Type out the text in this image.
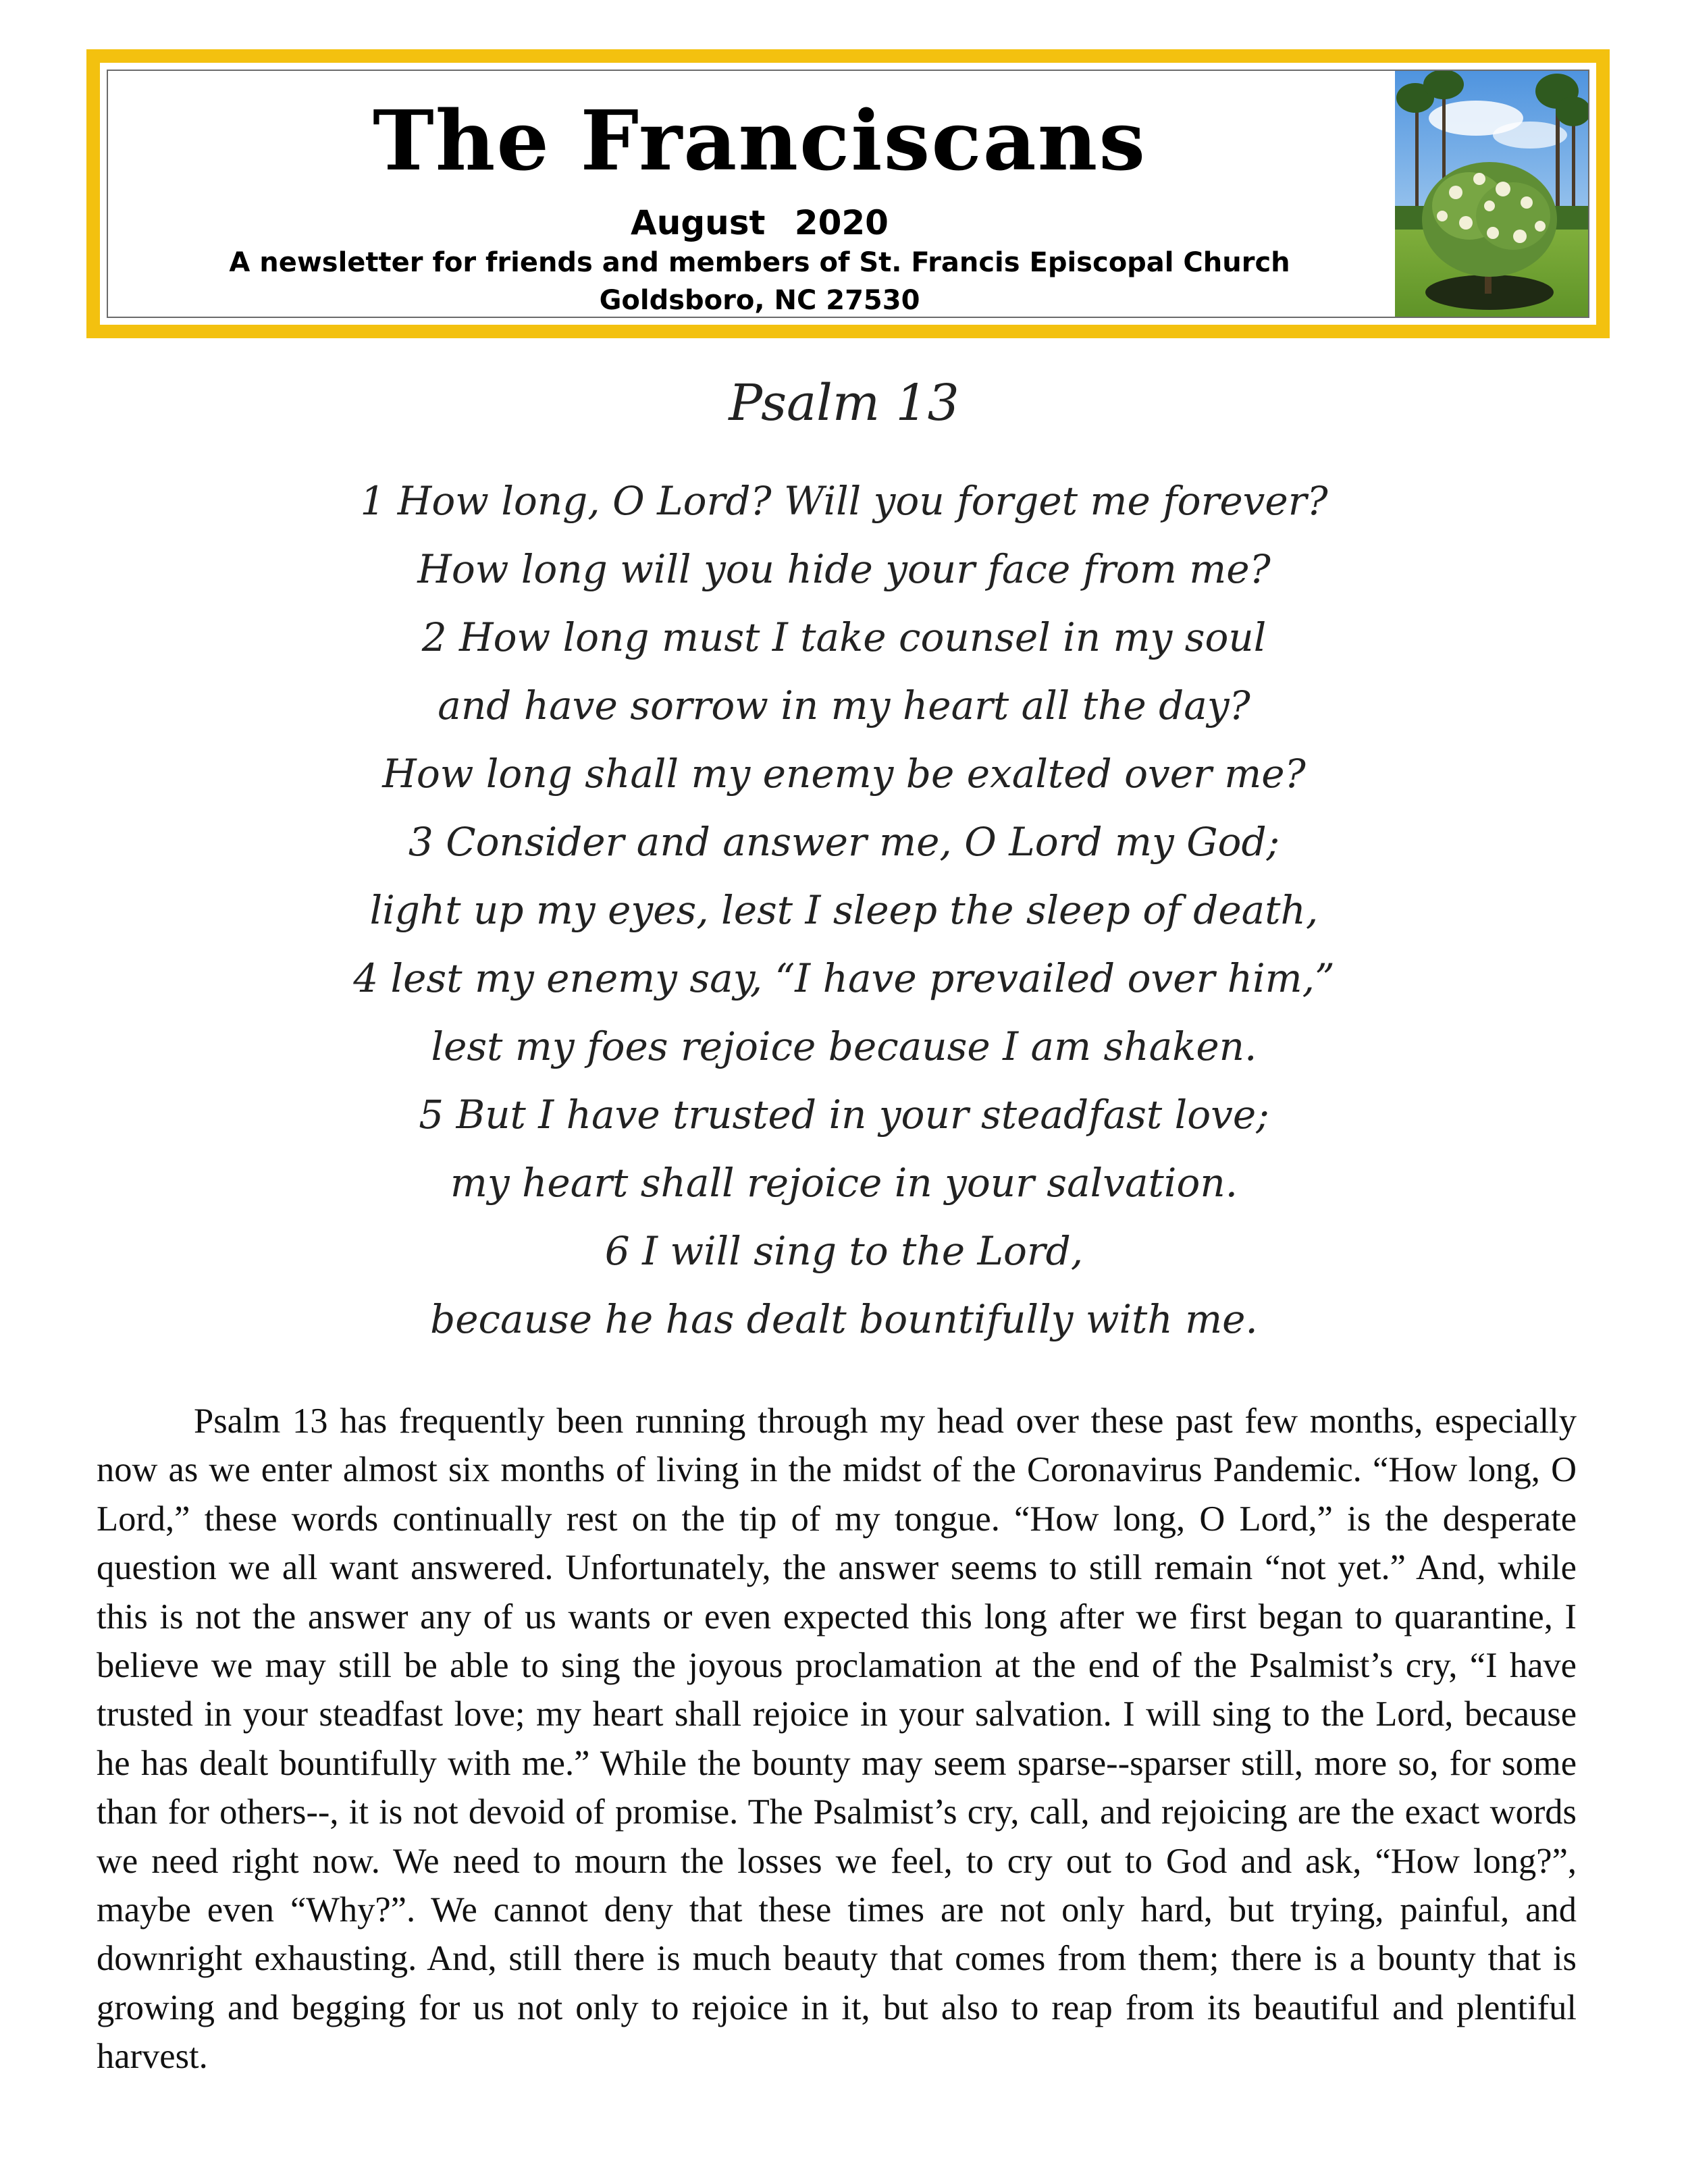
The Franciscans
August 2020
A newsletter for friends and members of St. Francis Episcopal Church
Goldsboro, NC 27530
Psalm 13
1 How long, O Lord? Will you forget me forever?
How long will you hide your face from me?
2 How long must I take counsel in my soul
and have sorrow in my heart all the day?
How long shall my enemy be exalted over me?
3 Consider and answer me, O Lord my God;
light up my eyes, lest I sleep the sleep of death,
4 lest my enemy say, “I have prevailed over him,”
lest my foes rejoice because I am shaken.
5 But I have trusted in your steadfast love;
my heart shall rejoice in your salvation.
6 I will sing to the Lord,
because he has dealt bountifully with me.

Psalm 13 has frequently been running through my head over these past few months, especially now as we enter almost six months of living in the midst of the Coronavirus Pandemic. “How long, O Lord,” these words continually rest on the tip of my tongue. “How long, O Lord,” is the desperate question we all want answered. Unfortunately, the answer seems to still remain “not yet.” And, while this is not the answer any of us wants or even expected this long after we first began to quarantine, I believe we may still be able to sing the joyous proclamation at the end of the Psalmist’s cry, “I have trusted in your steadfast love; my heart shall rejoice in your salvation. I will sing to the Lord, because he has dealt bountifully with me.” While the bounty may seem sparse--sparser still, more so, for some than for others--, it is not devoid of promise. The Psalmist’s cry, call, and rejoicing are the exact words we need right now. We need to mourn the losses we feel, to cry out to God and ask, “How long?”, maybe even “Why?”. We cannot deny that these times are not only hard, but trying, painful, and downright exhausting. And, still there is much beauty that comes from them; there is a bounty that is growing and begging for us not only to rejoice in it, but also to reap from its beautiful and plentiful harvest.
